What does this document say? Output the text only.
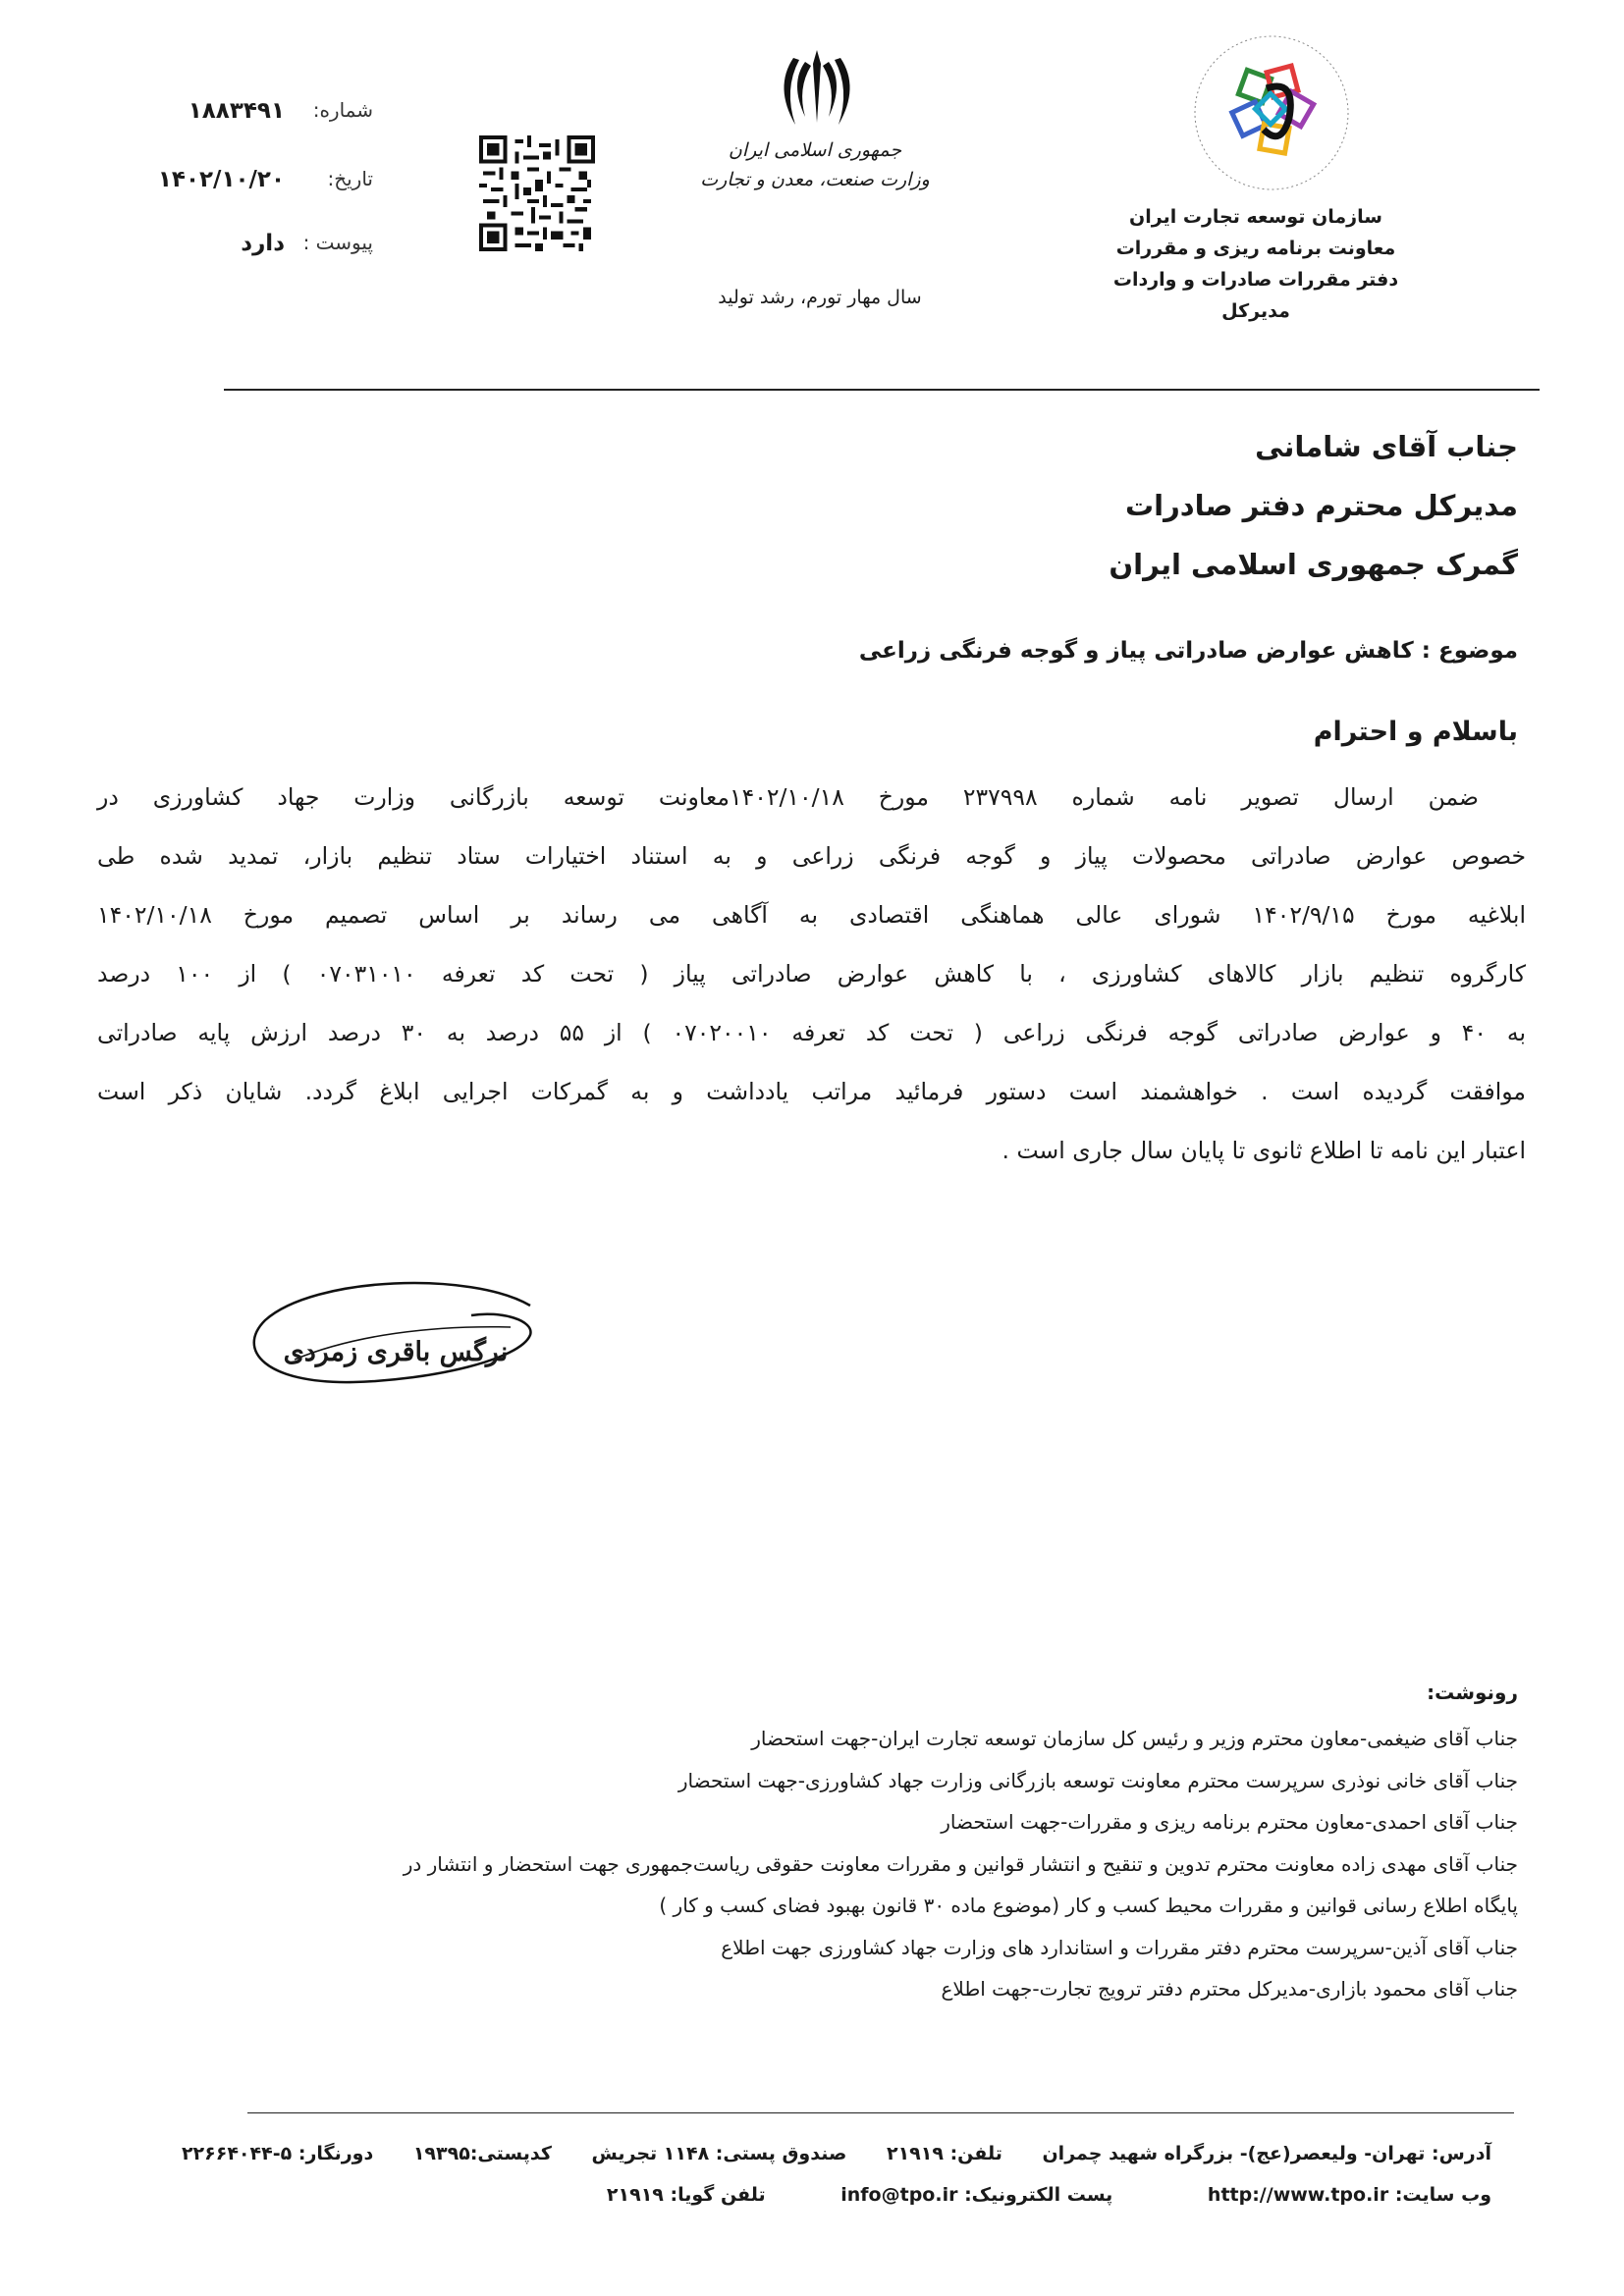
سازمان توسعه تجارت ایران
معاونت برنامه ریزی و مقررات
دفتر مقررات صادرات و واردات
مدیرکل
جمهوری اسلامی ایران
وزارت صنعت، معدن و تجارت
سال مهار تورم، رشد تولید
شماره:
۱۸۸۳۴۹۱
تاریخ:
۱۴۰۲/۱۰/۲۰
پیوست :
دارد
جناب آقای شامانی
مدیرکل محترم دفتر صادرات
گمرک جمهوری اسلامی ایران
موضوع : کاهش عوارض صادراتی پیاز و گوجه فرنگی زراعی
باسلام و احترام
ضمن ارسال تصویر نامه شماره ۲۳۷۹۹۸ مورخ ۱۴۰۲/۱۰/۱۸معاونت توسعه بازرگانی وزارت جهاد کشاورزی در
خصوص عوارض صادراتی محصولات پیاز و گوجه فرنگی زراعی و به استناد اختیارات ستاد تنظیم بازار، تمدید شده طی
ابلاغیه مورخ ۱۴۰۲/۹/۱۵ شورای عالی هماهنگی اقتصادی به آگاهی می رساند بر اساس تصمیم مورخ ۱۴۰۲/۱۰/۱۸
کارگروه تنظیم بازار کالاهای کشاورزی ، با کاهش عوارض صادراتی پیاز ( تحت کد تعرفه ۰۷۰۳۱۰۱۰ ) از ۱۰۰ درصد
به ۴۰ و عوارض صادراتی گوجه فرنگی زراعی ( تحت کد تعرفه ۰۷۰۲۰۰۱۰ ) از ۵۵ درصد به ۳۰ درصد ارزش پایه صادراتی
موافقت گردیده است . خواهشمند است دستور فرمائید مراتب یادداشت و به گمرکات اجرایی ابلاغ گردد. شایان ذکر است
اعتبار این نامه تا اطلاع ثانوی تا پایان سال جاری است .
نرگس باقری زمردی
رونوشت:
جناب آقای ضیغمی-معاون محترم وزیر و رئیس کل سازمان توسعه تجارت ایران-جهت استحضار
جناب آقای خانی نوذری سرپرست محترم معاونت توسعه بازرگانی وزارت جهاد کشاورزی-جهت استحضار
جناب آقای احمدی-معاون محترم برنامه ریزی و مقررات-جهت استحضار
جناب آقای مهدی زاده معاونت محترم تدوین و تنقیح و انتشار قوانین و مقررات معاونت حقوقی ریاست‌جمهوری جهت استحضار و انتشار در
پایگاه اطلاع رسانی قوانین و مقررات محیط کسب و کار (موضوع ماده ۳۰ قانون بهبود فضای کسب و کار )
جناب آقای آذین-سرپرست محترم دفتر مقررات و استاندارد های وزارت جهاد کشاورزی جهت اطلاع
جناب آقای محمود بازاری-مدیرکل محترم دفتر ترویج تجارت-جهت اطلاع
آدرس: تهران- ولیعصر(عج)- بزرگراه شهید چمران تلفن: ۲۱۹۱۹ صندوق پستی: ۱۱۴۸ تجریش کدپستی:۱۹۳۹۵ دورنگار: ۵-۲۲۶۶۴۰۴۴
وب سایت: http://www.tpo.ir پست الکترونیک: info@tpo.ir تلفن گویا: ۲۱۹۱۹
